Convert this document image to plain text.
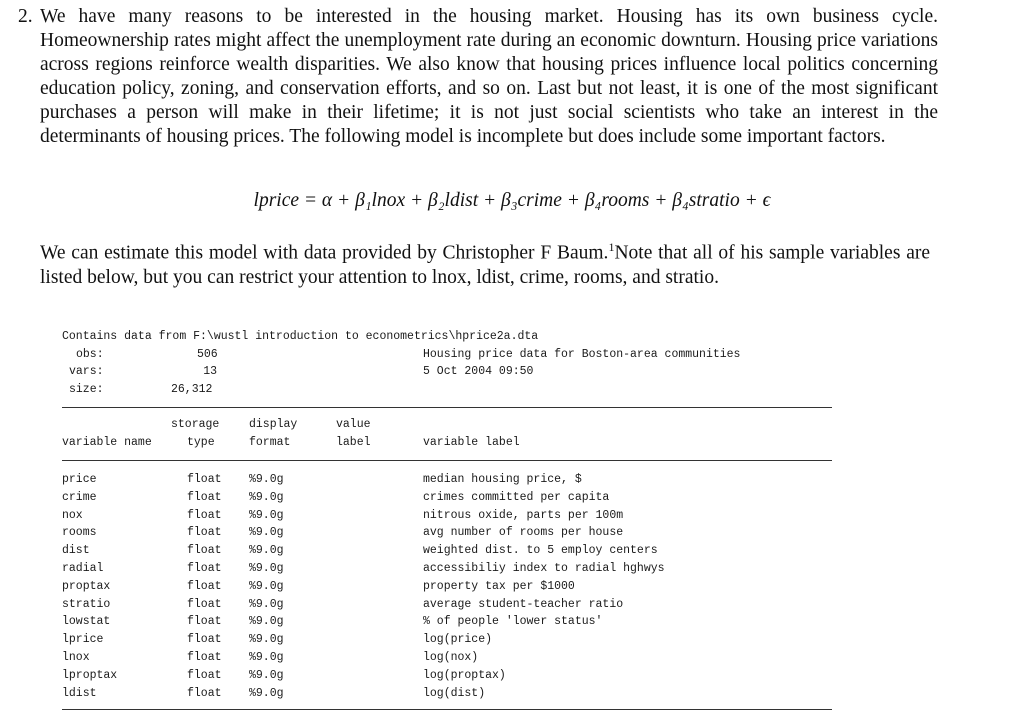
2. We have many reasons to be interested in the housing market. Housing has its own business cycle. Homeownership rates might affect the unemployment rate during an economic downturn. Housing price variations across regions reinforce wealth disparities. We also know that housing prices influence local politics concerning education policy, zoning, and conservation efforts, and so on. Last but not least, it is one of the most significant purchases a person will make in their lifetime; it is not just social scientists who take an interest in the determinants of housing prices. The following model is incomplete but does include some important factors.
lprice = α + β₁lnox + β₂ldist + β₃crime + β₄rooms + β₄stratio + ϵ
We can estimate this model with data provided by Christopher F Baum.$^1$Note that all of his sample variables are listed below, but you can restrict your attention to lnox, ldist, crime, rooms, and stratio.
Contains data from F:\wustl introduction to econometrics\hprice2a.dta
obs:	506	Housing price data for Boston-area communities
vars:	13	5 Oct 2004 09:50
size:	26,312
storage	display	value
variable name	type	format	label	variable label
price	float %9.0g	median housing price, $
crime	float %9.0g	crimes committed per capita
nox	float %9.0g	nitrous oxide, parts per 100m
rooms	float %9.0g	avg number of rooms per house
dist	float %9.0g	weighted dist. to 5 employ centers
radial	float %9.0g	accessibiliy index to radial hghwys
proptax	float %9.0g	property tax per $1000
stratio	float %9.0g	average student-teacher ratio
lowstat	float %9.0g	% of people 'lower status'
lprice	float %9.0g	log(price)
lnox	float %9.0g	log(nox)
lproptax	float %9.0g	log(proptax)
ldist	float %9.0g	log(dist)
